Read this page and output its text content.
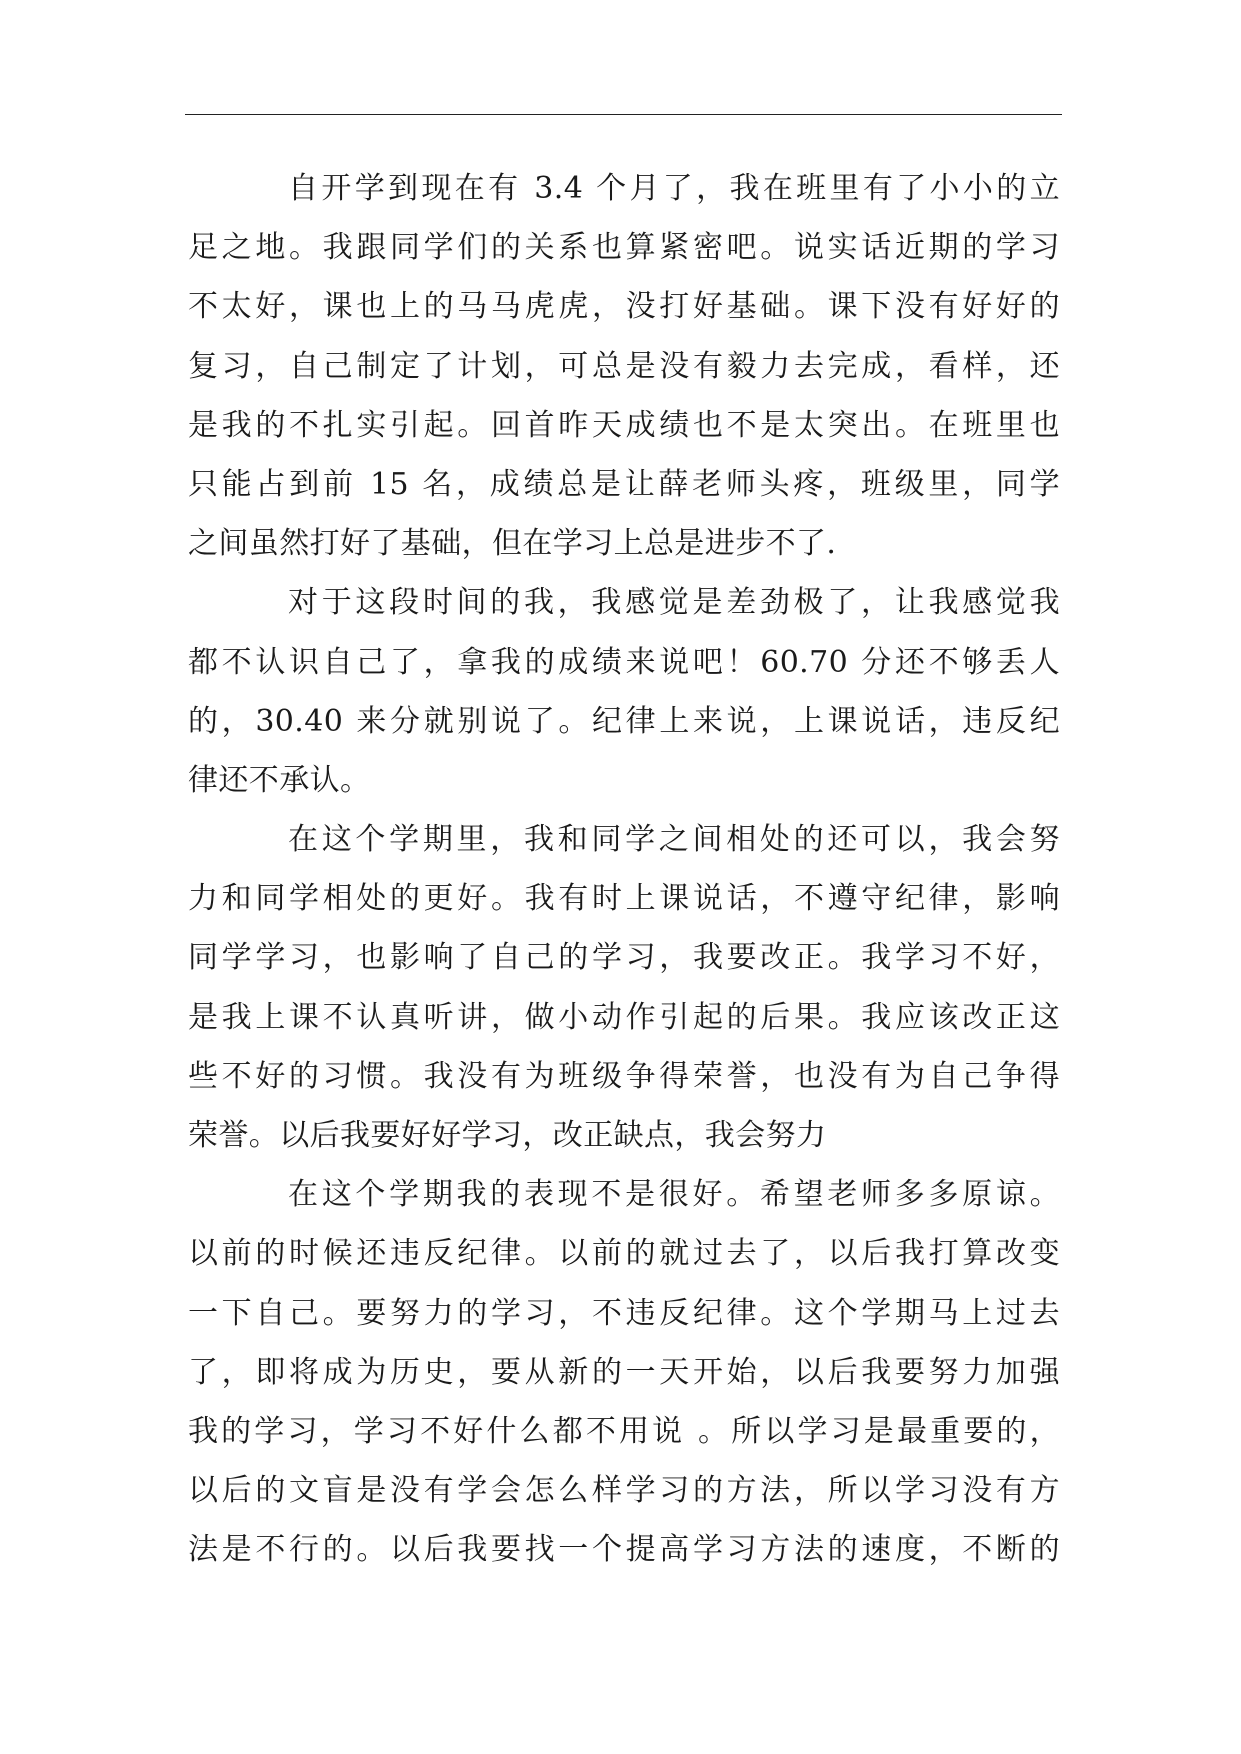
自开学到现在有 3.4 个月了，我在班里有了小小的立
足之地。我跟同学们的关系也算紧密吧。说实话近期的学习
不太好，课也上的马马虎虎，没打好基础。课下没有好好的
复习，自己制定了计划，可总是没有毅力去完成，看样，还
是我的不扎实引起。回首昨天成绩也不是太突出。在班里也
只能占到前 15 名，成绩总是让薛老师头疼，班级里，同学
之间虽然打好了基础，但在学习上总是进步不了.
对于这段时间的我，我感觉是差劲极了，让我感觉我
都不认识自己了，拿我的成绩来说吧！60.70 分还不够丢人
的，30.40 来分就别说了。纪律上来说，上课说话，违反纪
律还不承认。
在这个学期里，我和同学之间相处的还可以，我会努
力和同学相处的更好。我有时上课说话，不遵守纪律，影响
同学学习，也影响了自己的学习，我要改正。我学习不好，
是我上课不认真听讲，做小动作引起的后果。我应该改正这
些不好的习惯。我没有为班级争得荣誉，也没有为自己争得
荣誉。以后我要好好学习，改正缺点，我会努力
在这个学期我的表现不是很好。希望老师多多原谅。
以前的时候还违反纪律。以前的就过去了，以后我打算改变
一下自己。要努力的学习，不违反纪律。这个学期马上过去
了，即将成为历史，要从新的一天开始，以后我要努力加强
我的学习，学习不好什么都不用说 。所以学习是最重要的，
以后的文盲是没有学会怎么样学习的方法，所以学习没有方
法是不行的。以后我要找一个提高学习方法的速度，不断的
